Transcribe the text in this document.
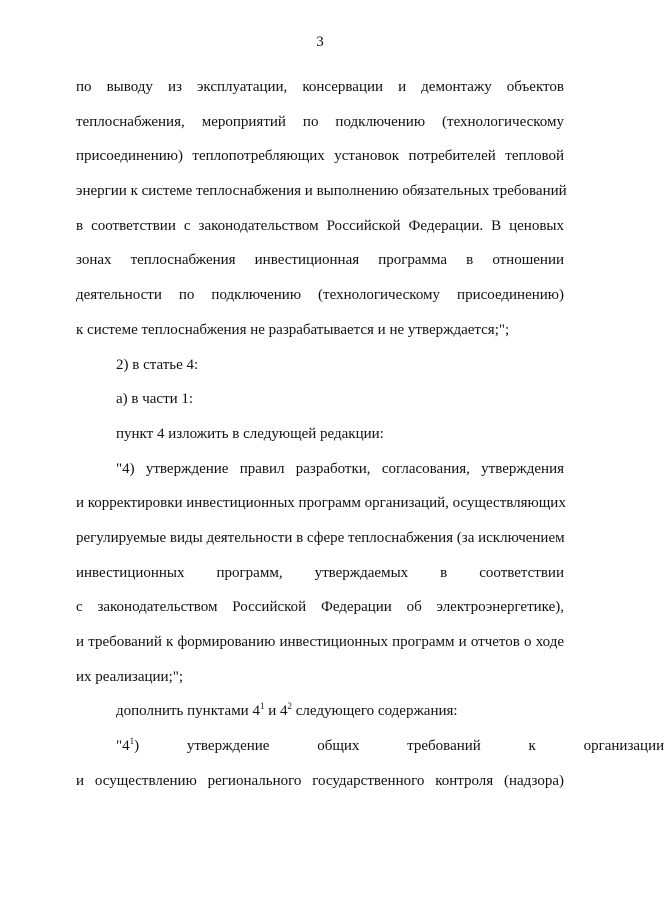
3
по выводу из эксплуатации, консервации и демонтажу объектов
теплоснабжения, мероприятий по подключению (технологическому
присоединению) теплопотребляющих установок потребителей тепловой
энергии к системе теплоснабжения и выполнению обязательных требований
в соответствии с законодательством Российской Федерации. В ценовых
зонах теплоснабжения инвестиционная программа в отношении
деятельности по подключению (технологическому присоединению)
к системе теплоснабжения не разрабатывается и не утверждается;";
2) в статье 4:
а) в части 1:
пункт 4 изложить в следующей редакции:
"4) утверждение правил разработки, согласования, утверждения
и корректировки инвестиционных программ организаций, осуществляющих
регулируемые виды деятельности в сфере теплоснабжения (за исключением
инвестиционных программ, утверждаемых в соответствии
с законодательством Российской Федерации об электроэнергетике),
и требований к формированию инвестиционных программ и отчетов о ходе
их реализации;";
дополнить пунктами $4^1$ и $4^2$ следующего содержания:
"$4^1$) утверждение общих требований к организации
и осуществлению регионального государственного контроля (надзора)
